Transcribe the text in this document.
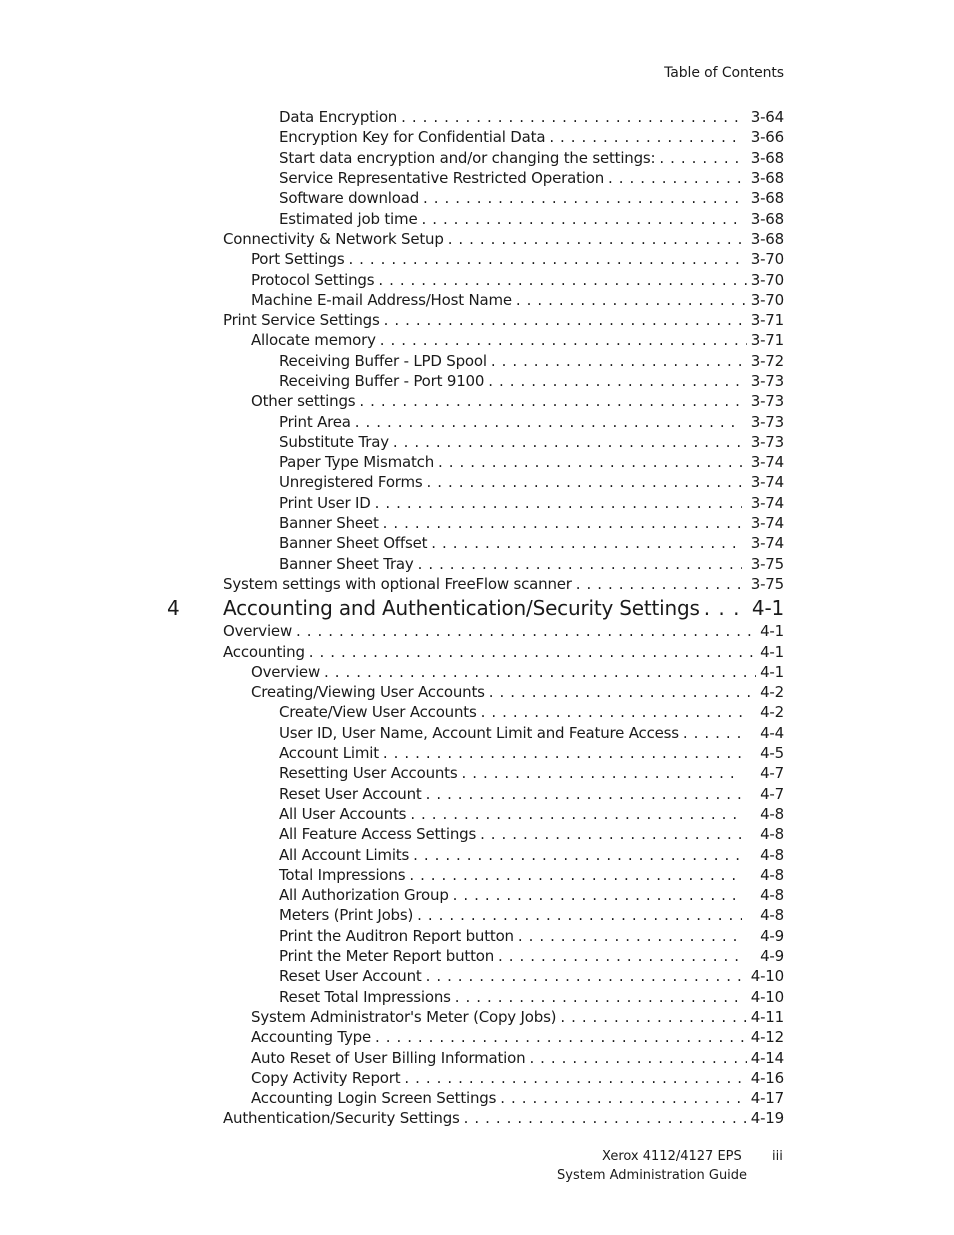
Table of Contents
Data Encryption . . .	3-64
Encryption Key for Confidential Data . . .	3-66
Start data encryption and/or changing the settings: . . .	3-68
Service Representative Restricted Operation . . .	3-68
Software download . . .	3-68
Estimated job time . . .	3-68
Connectivity & Network Setup . . .	3-68
Port Settings . . .	3-70
Protocol Settings . . .	3-70
Machine E-mail Address/Host Name . . .	3-70
Print Service Settings . . .	3-71
Allocate memory . . .	3-71
Receiving Buffer - LPD Spool . . .	3-72
Receiving Buffer - Port 9100 . . .	3-73
Other settings . . .	3-73
Print Area . . .	3-73
Substitute Tray . . .	3-73
Paper Type Mismatch . . .	3-74
Unregistered Forms . . .	3-74
Print User ID . . .	3-74
Banner Sheet . . .	3-74
Banner Sheet Offset . . .	3-74
Banner Sheet Tray . . .	3-75
System settings with optional FreeFlow scanner . . .	3-75
4 Accounting and Authentication/Security Settings . . .	4-1
Overview . . .	4-1
Accounting . . .	4-1
Overview . . .	4-1
Creating/Viewing User Accounts . . .	4-2
Create/View User Accounts . . .	4-2
User ID, User Name, Account Limit and Feature Access . . .	4-4
Account Limit . . .	4-5
Resetting User Accounts . . .	4-7
Reset User Account . . .	4-7
All User Accounts . . .	4-8
All Feature Access Settings . . .	4-8
All Account Limits . . .	4-8
Total Impressions . . .	4-8
All Authorization Group . . .	4-8
Meters (Print Jobs) . . .	4-8
Print the Auditron Report button . . .	4-9
Print the Meter Report button . . .	4-9
Reset User Account . . .	4-10
Reset Total Impressions . . .	4-10
System Administrator's Meter (Copy Jobs) . . .	4-11
Accounting Type . . .	4-12
Auto Reset of User Billing Information . . .	4-14
Copy Activity Report . . .	4-16
Accounting Login Screen Settings . . .	4-17
Authentication/Security Settings . . .	4-19
Xerox 4112/4127 EPS iii
System Administration Guide
